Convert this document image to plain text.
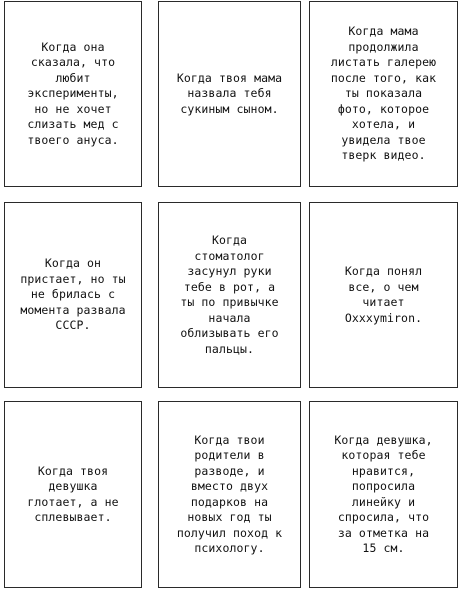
Когда она
сказала, что
любит
эксперименты,
но не хочет
слизать мед с
твоего ануса.
Когда твоя мама
назвала тебя
сукиным сыном.
Когда мама
продолжила
листать галерею
после того, как
ты показала
фото, которое
хотела, и
увидела твое
тверк видео.
Когда он
пристает, но ты
не брилась с
момента развала
СССР.
Когда
стоматолог
засунул руки
тебе в рот, а
ты по привычке
начала
облизывать его
пальцы.
Когда понял
все, о чем
читает
Oxxxymiron.
Когда твоя
девушка
глотает, а не
сплевывает.
Когда твои
родители в
разводе, и
вместо двух
подарков на
новых год ты
получил поход к
психологу.
Когда девушка,
которая тебе
нравится,
попросила
линейку и
спросила, что
за отметка на
15 см.
